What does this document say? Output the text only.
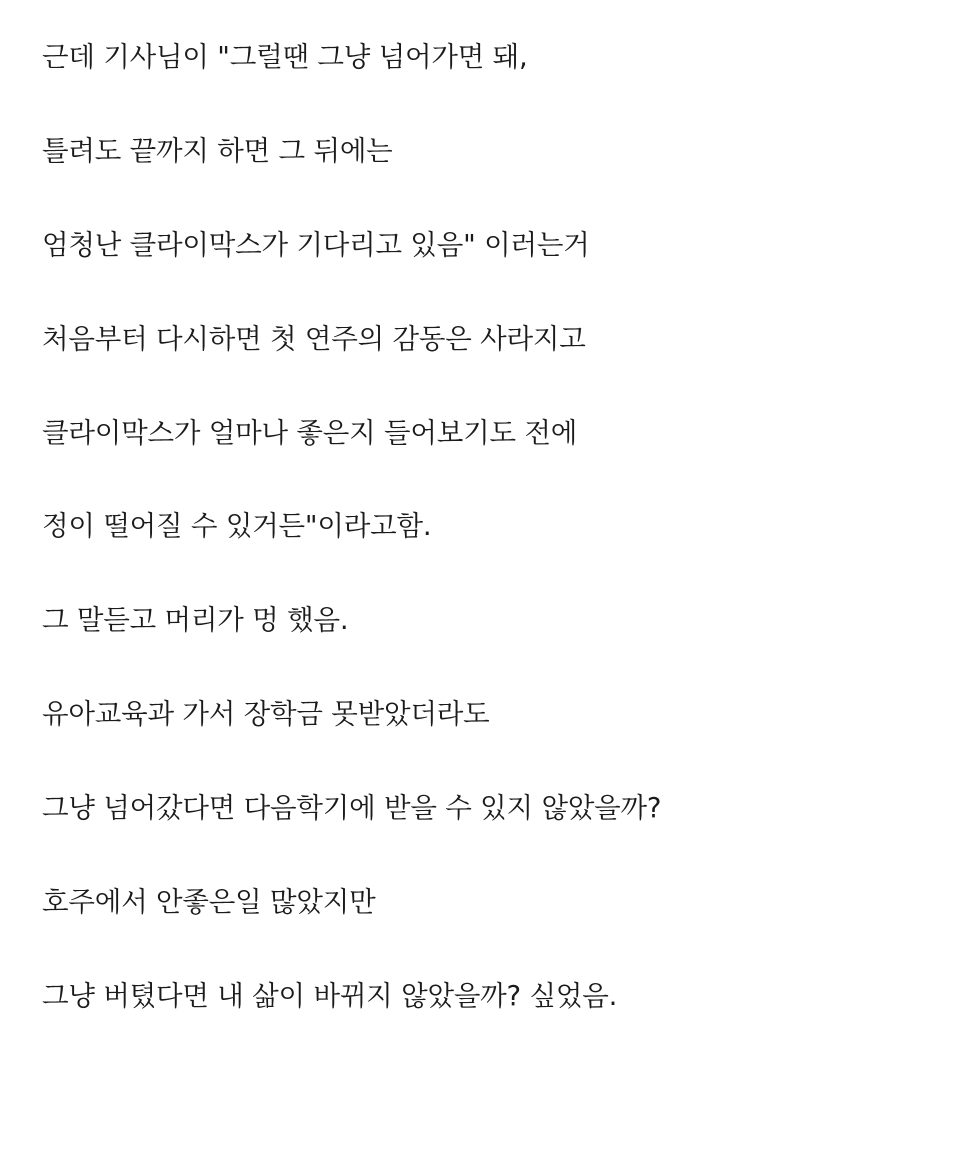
근데 기사님이 "그럴땐 그냥 넘어가면 돼,

틀려도 끝까지 하면 그 뒤에는

엄청난 클라이막스가 기다리고 있음" 이러는거

처음부터 다시하면 첫 연주의 감동은 사라지고

클라이막스가 얼마나 좋은지 들어보기도 전에

정이 떨어질 수 있거든"이라고함.

그 말듣고 머리가 멍 했음.

유아교육과 가서 장학금 못받았더라도

그냥 넘어갔다면 다음학기에 받을 수 있지 않았을까?

호주에서 안좋은일 많았지만

그냥 버텼다면 내 삶이 바뀌지 않았을까? 싶었음.
